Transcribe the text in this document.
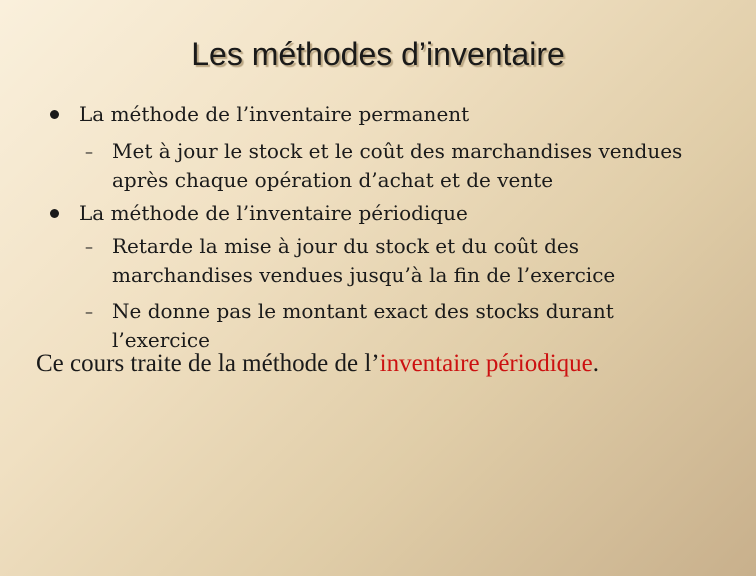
Les méthodes d’inventaire
La méthode de l’inventaire permanent
– Met à jour le stock et le coût des marchandises vendues après chaque opération d’achat et de vente
La méthode de l’inventaire périodique
– Retarde la mise à jour du stock et du coût des marchandises vendues jusqu’à la fin de l’exercice
– Ne donne pas le montant exact des stocks durant l’exercice
Ce cours traite de la méthode de l’inventaire périodique.
